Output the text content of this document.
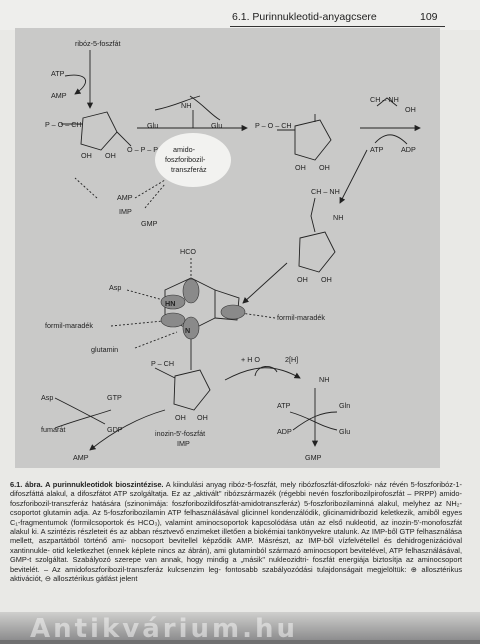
6.1. Purinnukleotid-anyagcsere	109
ribóz-5-foszfát
ATP
AMP
P – O – CH
O – P – P
OH OH
NH
Glu	Glu
amido-
foszforibozil-
transzferáz
P – O – CH
OH OH
CH – NH
OH
ATP ADP
AMP
IMP
GMP
CH – NH
NH
OH OH
HCO
Asp
HN
N
formil-maradék
formil-maradék
glutamin
P – CH
OH OH
inozin-5'-foszfát
IMP
+ H O	2[H]
NH
ATP	Gln
ADP	Glu
GMP
Asp	GTP
fumarát	GDP
AMP

6.1. ábra. A purinnukleotidok bioszintézise. A kiindulási anyag ribóz-5-foszfát, mely ribózfoszfát-difoszfoki- náz révén 5-foszforibóz-1-difoszfáttá alakul, a difoszfátot ATP szolgáltatja. Ez az „aktivált" ribózszármazék (régebbi nevén foszforibozilpirofoszfát – PRPP) amido-foszforibozil-transzferáz hatására (szinonimája: foszforibozildifoszfát-amidotranszferáz) 5-foszforibozilaminná alakul, melyhez az NH₂-csoportot glutamin adja. Az 5-foszforibozilamin ATP felhasználásával glicinnel kondenzálódik, glicinamidribozid keletkezik, amiből egyes C₁-fragmentumok (formilcsoportok és HCO₃), valamint aminocsoportok kapcsolódása után az első nukleotid, az inozin-5'-monofoszfát alakul ki. A szintézis részleteit és az abban résztvevő enzimeket illetően a biokémiai tankönyvekre utalunk. Az IMP-ből GTP felhasználása mellett, aszpartátból történő ami- nocsoport bevitellel képződik AMP. Másrészt, az IMP-ből vízfelvétellel és dehidrogenizációval xantinnukle- otid keletkezhet (ennek képlete nincs az ábrán), ami glutaminból származó aminocsoport bevitelével, ATP felhasználásával, GMP-t szolgáltat. Szabályozó szerepe van annak, hogy mindig a „másik" nukleozidtri- foszfát energiája biztosítja az aminocsoport bevitelét. – Az amidofoszforibozil-transzferáz kulcsenzim leg- fontosabb szabályozódási tulajdonságait megjelöltük: ⊕ allosztérikus aktivációt, ⊖ allosztérikus gátlást jelent

Antikvárium.hu
